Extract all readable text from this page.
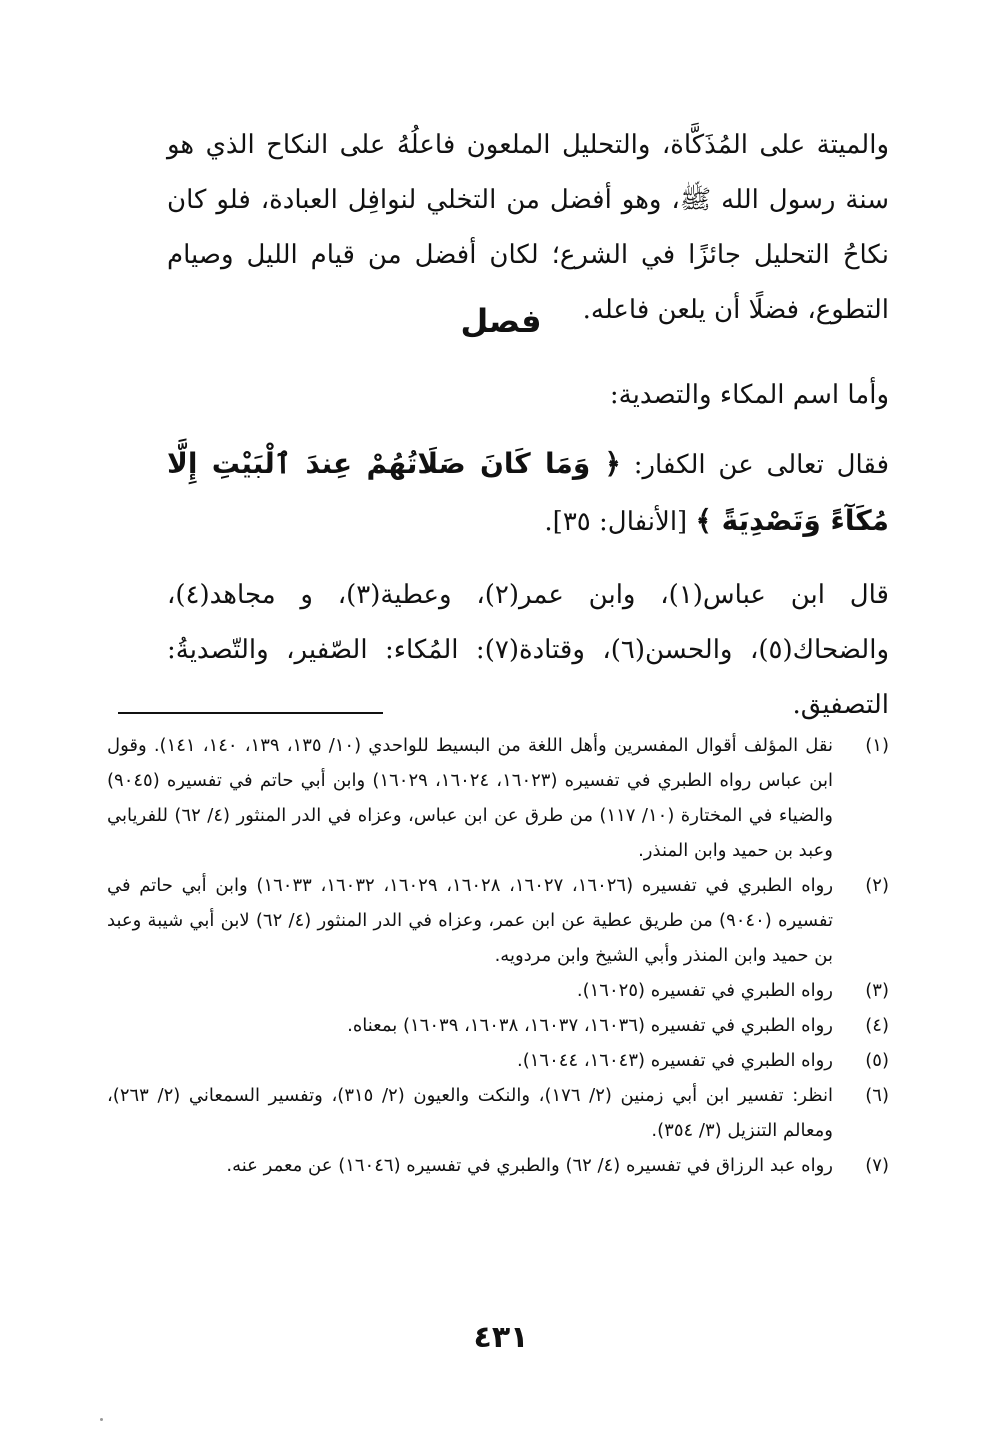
والميتة على المُذَكَّاة، والتحليل الملعون فاعلُهُ على النكاح الذي هو سنة رسول الله ﷺ، وهو أفضل من التخلي لنوافِل العبادة، فلو كان نكاحُ التحليل جائزًا في الشرع؛ لكان أفضل من قيام الليل وصيام التطوع، فضلًا أن يلعن فاعله.

فصل

وأما اسم المكاء والتصدية:

فقال تعالى عن الكفار: ﴿ وَمَا كَانَ صَلَاتُهُمْ عِندَ ٱلْبَيْتِ إِلَّا مُكَآءً وَتَصْدِيَةً ﴾ [الأنفال: ٣٥].

قال ابن عباس(١)، وابن عمر(٢)، وعطية(٣)، و مجاهد(٤)، والضحاك(٥)، والحسن(٦)، وقتادة(٧): المُكاء: الصّفير، والتّصديةُ: التصفيق.

(١)
نقل المؤلف أقوال المفسرين وأهل اللغة من البسيط للواحدي (١٠/ ١٣٥، ١٣٩، ١٤٠، ١٤١). وقول ابن عباس رواه الطبري في تفسيره (١٦٠٢٣، ١٦٠٢٤، ١٦٠٢٩) وابن أبي حاتم في تفسيره (٩٠٤٥) والضياء في المختارة (١٠/ ١١٧) من طرق عن ابن عباس، وعزاه في الدر المنثور (٤/ ٦٢) للفريابي وعبد بن حميد وابن المنذر.
(٢)
رواه الطبري في تفسيره (١٦٠٢٦، ١٦٠٢٧، ١٦٠٢٨، ١٦٠٢٩، ١٦٠٣٢، ١٦٠٣٣) وابن أبي حاتم في تفسيره (٩٠٤٠) من طريق عطية عن ابن عمر، وعزاه في الدر المنثور (٤/ ٦٢) لابن أبي شيبة وعبد بن حميد وابن المنذر وأبي الشيخ وابن مردويه.
(٣)
رواه الطبري في تفسيره (١٦٠٢٥).
(٤)
رواه الطبري في تفسيره (١٦٠٣٦، ١٦٠٣٧، ١٦٠٣٨، ١٦٠٣٩) بمعناه.
(٥)
رواه الطبري في تفسيره (١٦٠٤٣، ١٦٠٤٤).
(٦)
انظر: تفسير ابن أبي زمنين (٢/ ١٧٦)، والنكت والعيون (٢/ ٣١٥)، وتفسير السمعاني (٢/ ٢٦٣)، ومعالم التنزيل (٣/ ٣٥٤).
(٧)
رواه عبد الرزاق في تفسيره (٤/ ٦٢) والطبري في تفسيره (١٦٠٤٦) عن معمر عنه.
٤٣١
